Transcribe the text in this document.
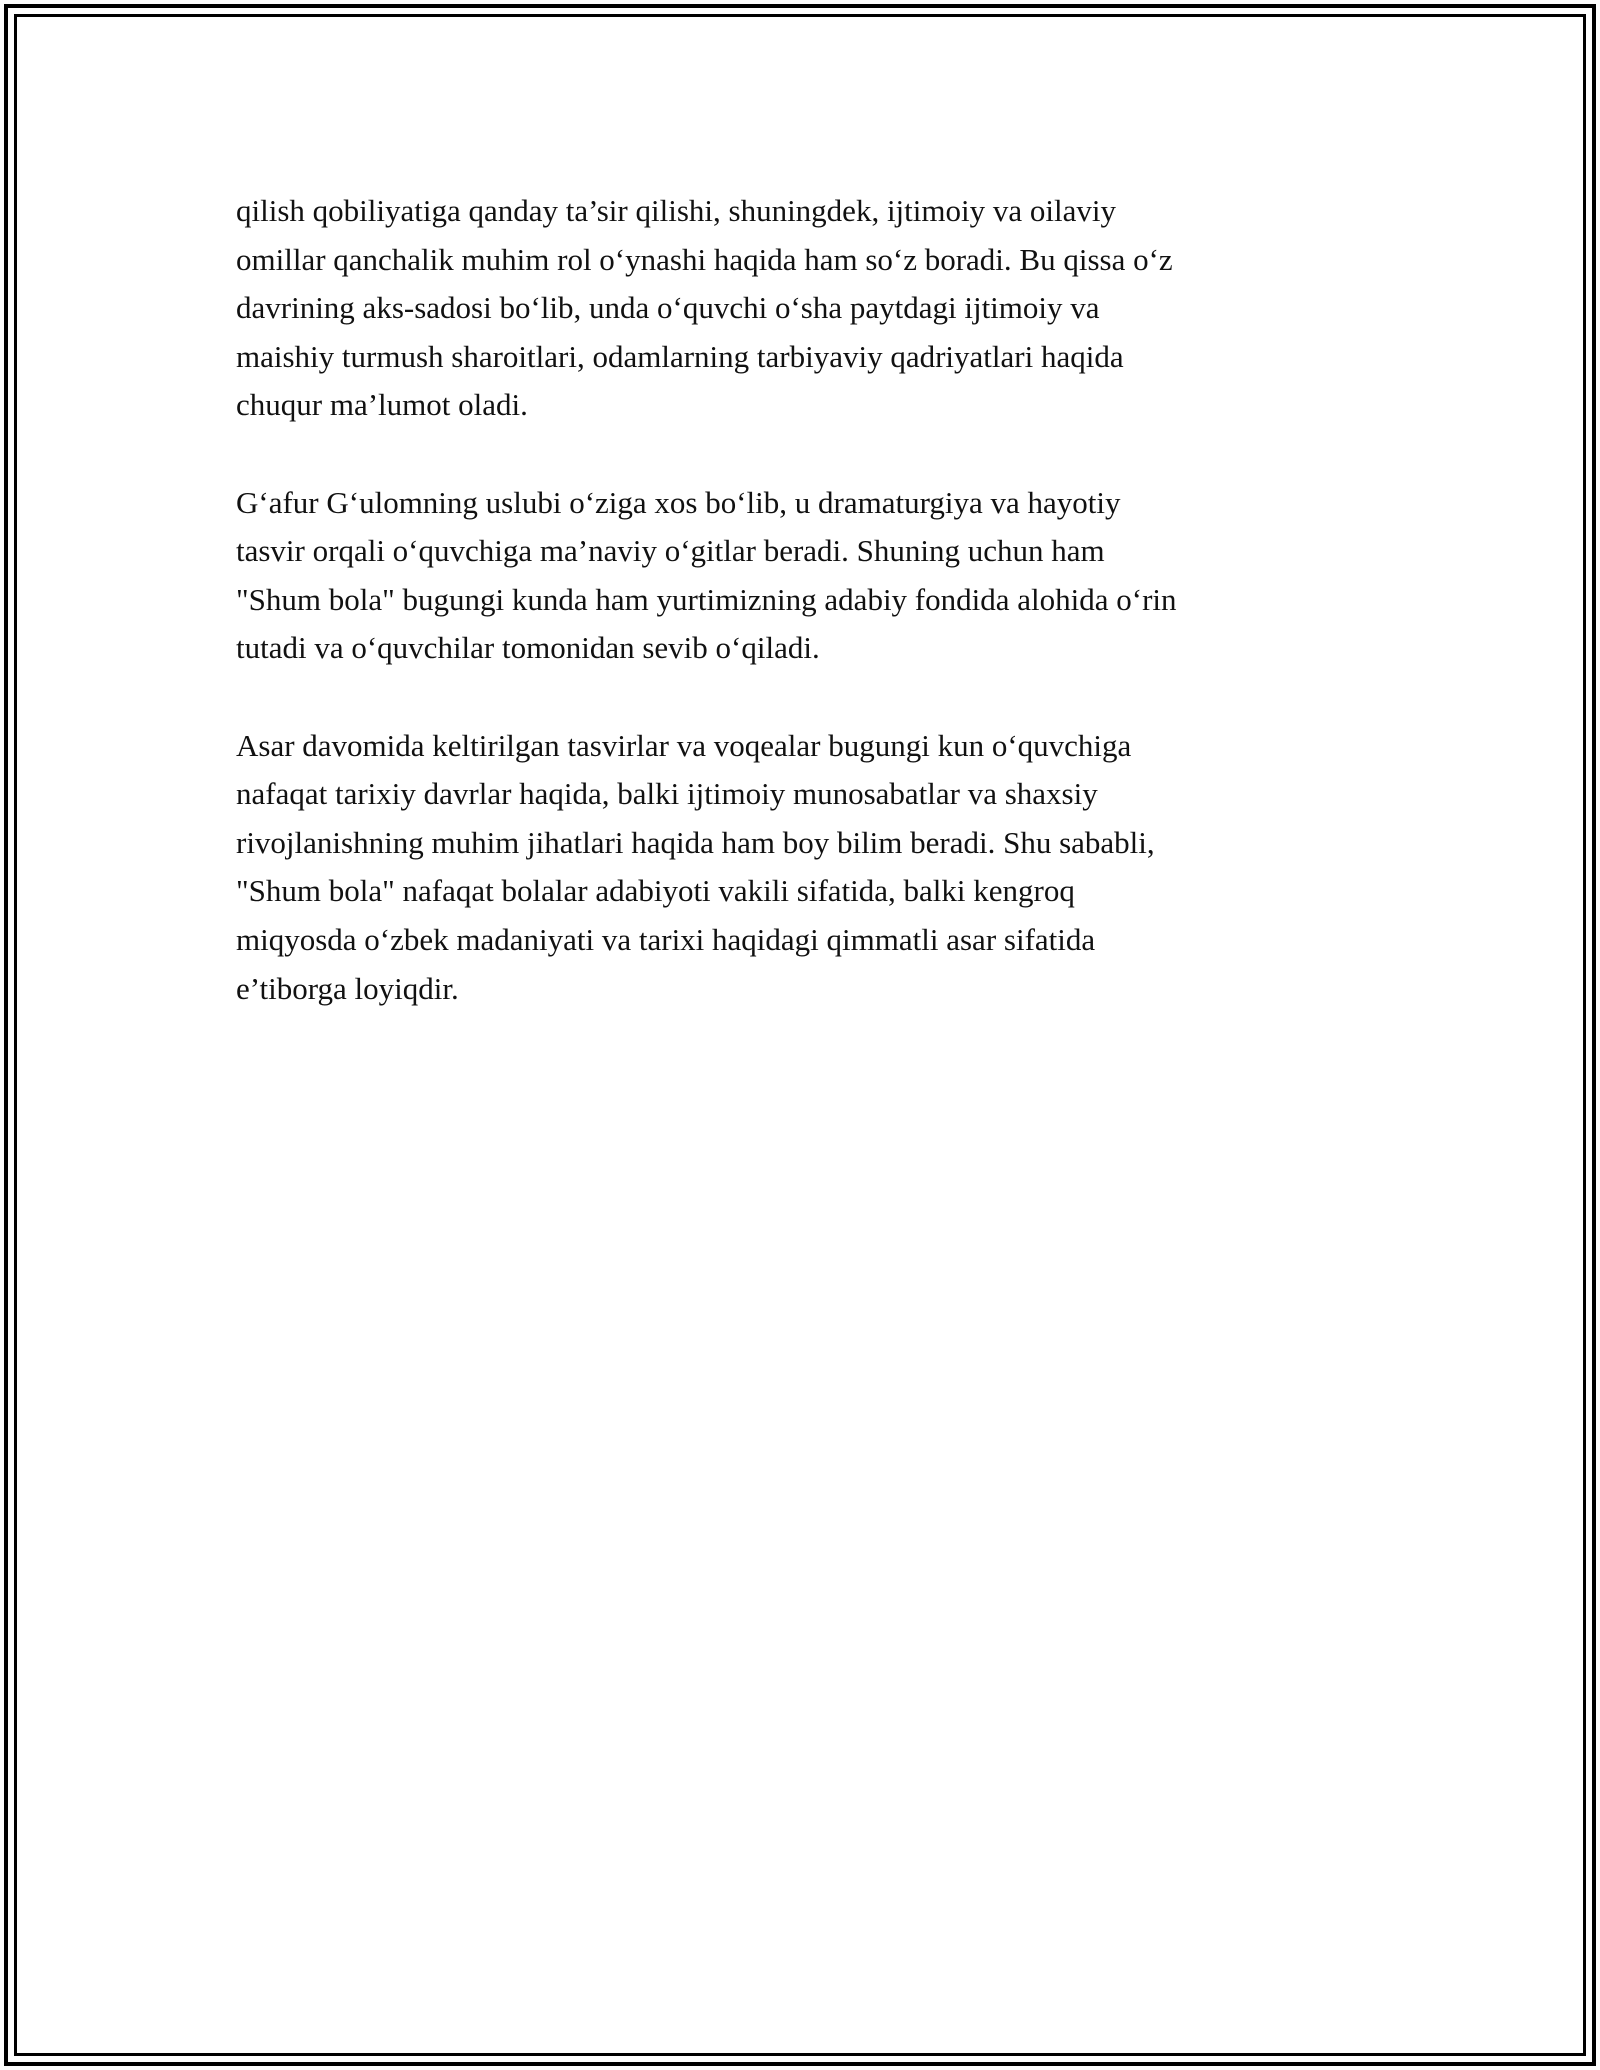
qilish qobiliyatiga qanday ta’sir qilishi, shuningdek, ijtimoiy va oilaviy
omillar qanchalik muhim rol oʻynashi haqida ham soʻz boradi. Bu qissa oʻz
davrining aks-sadosi boʻlib, unda oʻquvchi oʻsha paytdagi ijtimoiy va
maishiy turmush sharoitlari, odamlarning tarbiyaviy qadriyatlari haqida
chuqur ma’lumot oladi.

Gʻafur Gʻulomning uslubi oʻziga xos boʻlib, u dramaturgiya va hayotiy
tasvir orqali oʻquvchiga ma’naviy oʻgitlar beradi. Shuning uchun ham
"Shum bola" bugungi kunda ham yurtimizning adabiy fondida alohida oʻrin
tutadi va oʻquvchilar tomonidan sevib oʻqiladi.

Asar davomida keltirilgan tasvirlar va voqealar bugungi kun oʻquvchiga
nafaqat tarixiy davrlar haqida, balki ijtimoiy munosabatlar va shaxsiy
rivojlanishning muhim jihatlari haqida ham boy bilim beradi. Shu sababli,
"Shum bola" nafaqat bolalar adabiyoti vakili sifatida, balki kengroq
miqyosda oʻzbek madaniyati va tarixi haqidagi qimmatli asar sifatida
e’tiborga loyiqdir.
